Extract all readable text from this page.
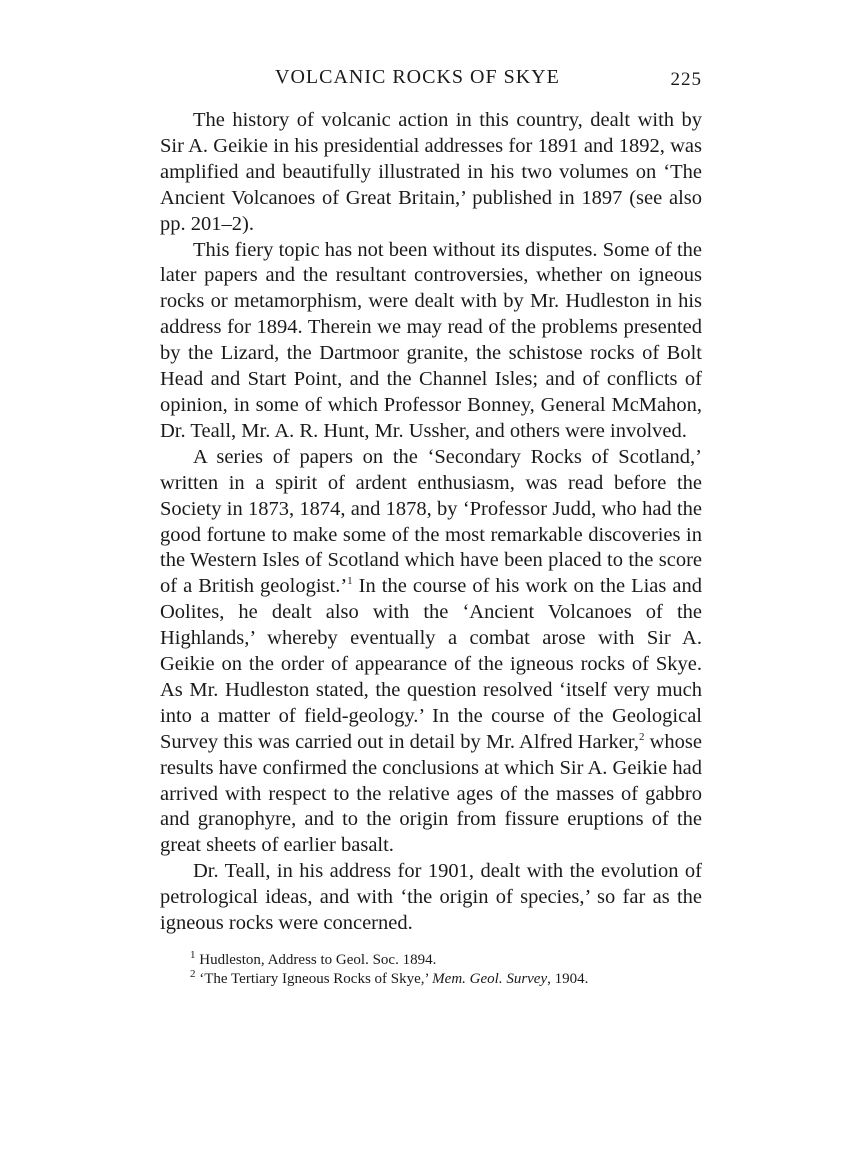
VOLCANIC ROCKS OF SKYE	225

The history of volcanic action in this country, dealt with by Sir A. Geikie in his presidential addresses for 1891 and 1892, was amplified and beautifully illustrated in his two volumes on ‘The Ancient Volcanoes of Great Britain,’ published in 1897 (see also pp. 201–2).

This fiery topic has not been without its disputes. Some of the later papers and the resultant controversies, whether on igneous rocks or metamorphism, were dealt with by Mr. Hudleston in his address for 1894. Therein we may read of the problems presented by the Lizard, the Dartmoor granite, the schistose rocks of Bolt Head and Start Point, and the Channel Isles; and of conflicts of opinion, in some of which Professor Bonney, General McMahon, Dr. Teall, Mr. A. R. Hunt, Mr. Ussher, and others were involved.

A series of papers on the ‘Secondary Rocks of Scotland,’ written in a spirit of ardent enthusiasm, was read before the Society in 1873, 1874, and 1878, by ‘Professor Judd, who had the good fortune to make some of the most remarkable discoveries in the Western Isles of Scotland which have been placed to the score of a British geologist.’$^1$ In the course of his work on the Lias and Oolites, he dealt also with the ‘Ancient Volcanoes of the Highlands,’ whereby eventually a combat arose with Sir A. Geikie on the order of appearance of the igneous rocks of Skye. As Mr. Hudleston stated, the question resolved ‘itself very much into a matter of field-geology.’ In the course of the Geological Survey this was carried out in detail by Mr. Alfred Harker,$^2$ whose results have confirmed the conclusions at which Sir A. Geikie had arrived with respect to the relative ages of the masses of gabbro and granophyre, and to the origin from fissure eruptions of the great sheets of earlier basalt.

Dr. Teall, in his address for 1901, dealt with the evolution of petrological ideas, and with ‘the origin of species,’ so far as the igneous rocks were concerned.

$^1$ Hudleston, Address to Geol. Soc. 1894.
$^2$ ‘The Tertiary Igneous Rocks of Skye,’ Mem. Geol. Survey, 1904.
